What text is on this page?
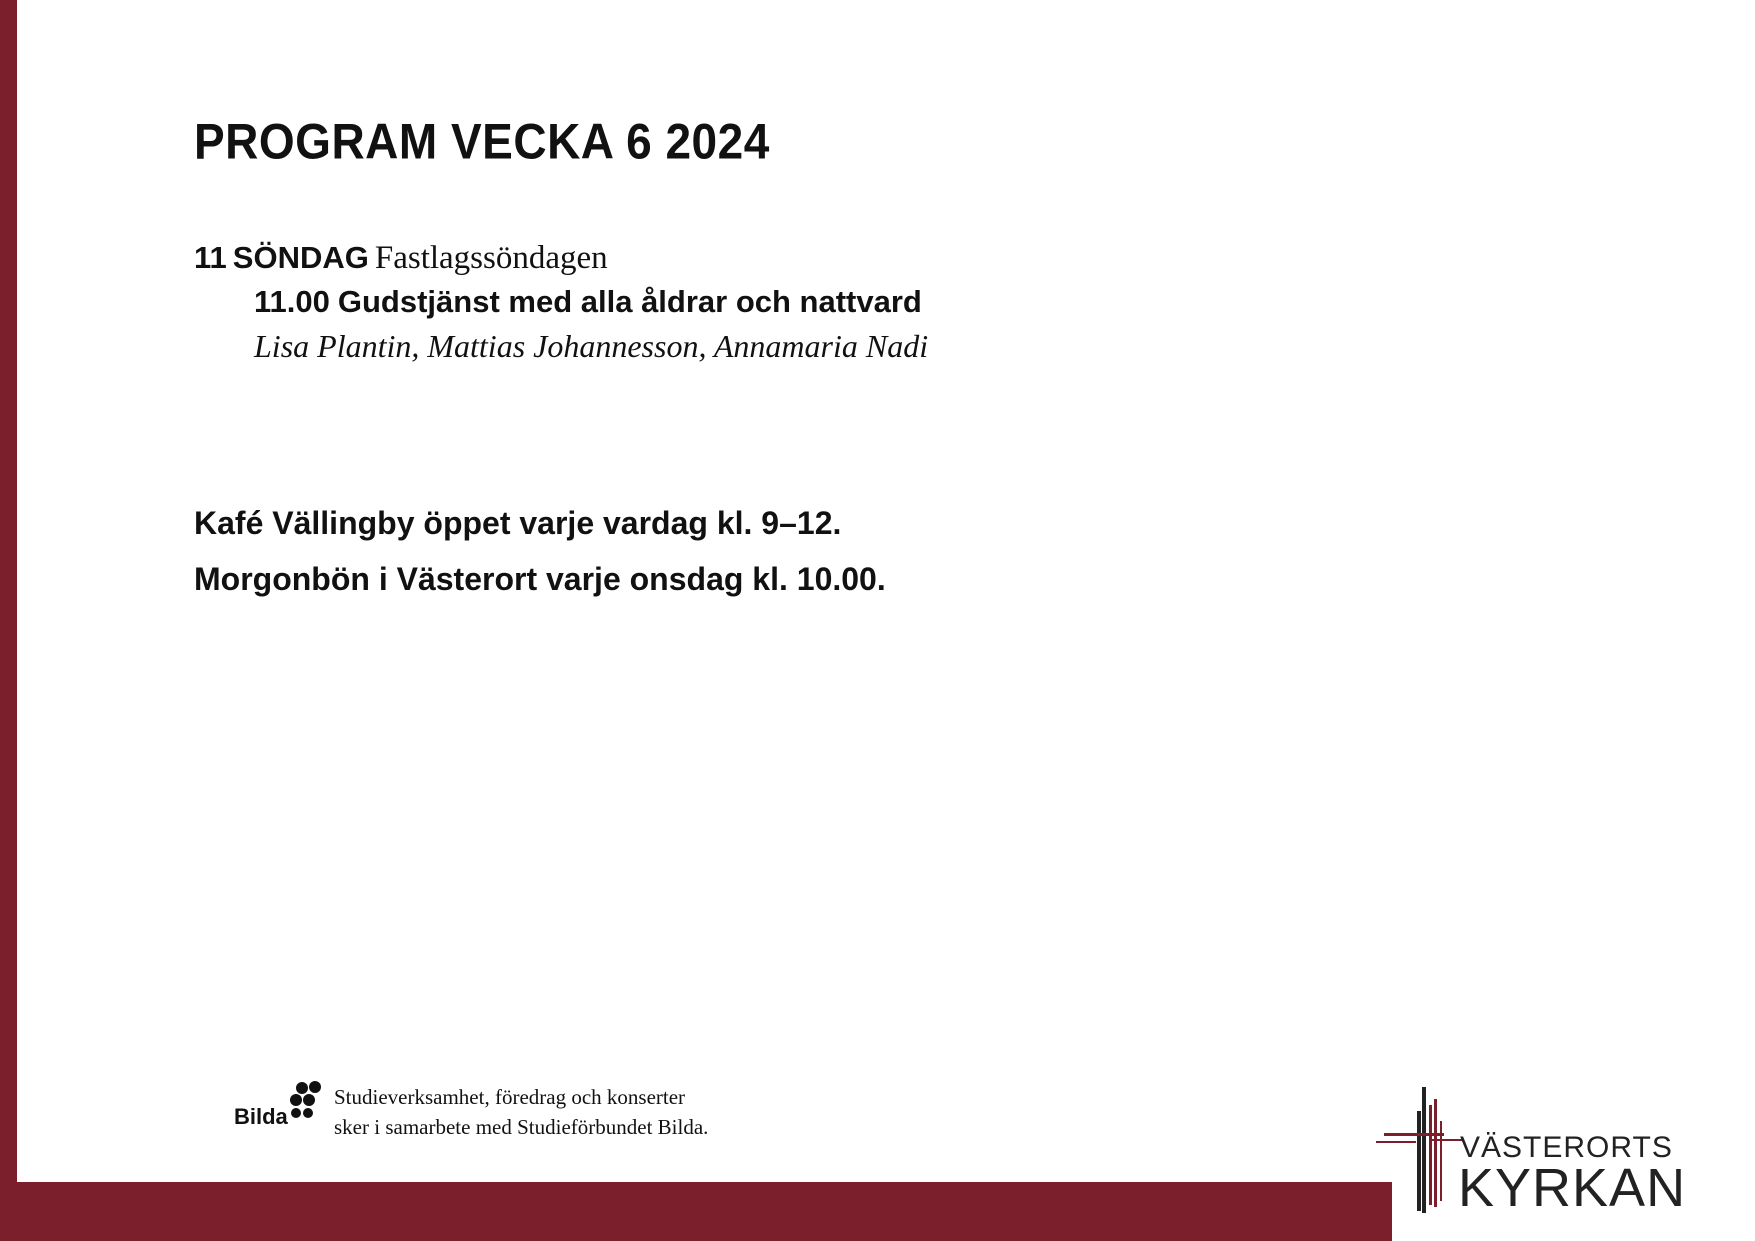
PROGRAM VECKA 6 2024
11 SÖNDAG Fastlagssöndagen
11.00 Gudstjänst med alla åldrar och nattvard
Lisa Plantin, Mattias Johannesson, Annamaria Nadi
Kafé Vällingby öppet varje vardag kl. 9–12.
Morgonbön i Västerort varje onsdag kl. 10.00.
Bilda
Studieverksamhet, föredrag och konserter
sker i samarbete med Studieförbundet Bilda.
VÄSTERORTS
KYRKAN
